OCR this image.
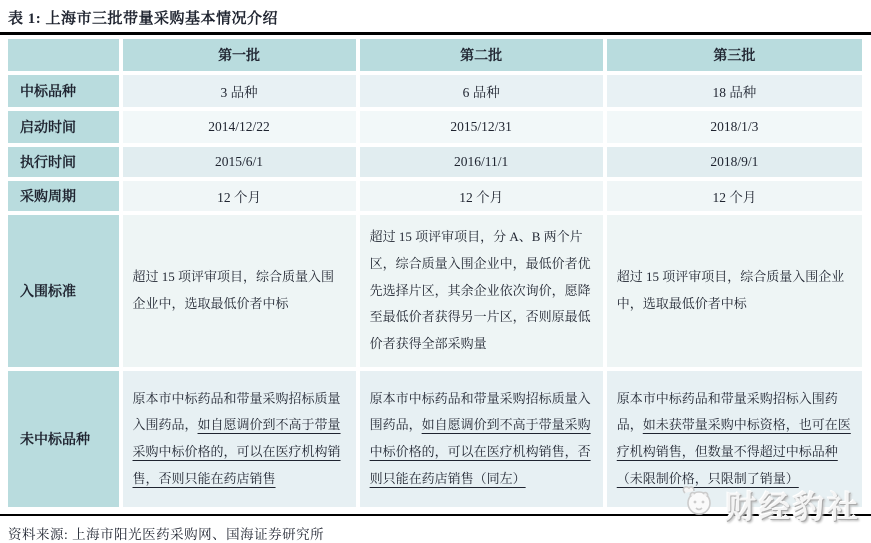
表 1: 上海市三批带量采购基本情况介绍
	第一批	第二批	第三批
中标品种	3 品种	6 品种	18 品种
启动时间	2014/12/22	2015/12/31	2018/1/3
执行时间	2015/6/1	2016/11/1	2018/9/1
采购周期	12 个月	12 个月	12 个月
入围标准	超过 15 项评审项目，综合质量入围企业中，选取最低价者中标	超过 15 项评审项目，分 A、B 两个片区，综合质量入围企业中，最低价者优先选择片区，其余企业依次询价，愿降至最低价者获得另一片区，否则原最低价者获得全部采购量	超过 15 项评审项目，综合质量入围企业中，选取最低价者中标
未中标品种	原本市中标药品和带量采购招标质量入围药品，如自愿调价到不高于带量采购中标价格的，可以在医疗机构销售，否则只能在药店销售	原本市中标药品和带量采购招标质量入围药品，如自愿调价到不高于带量采购中标价格的，可以在医疗机构销售，否则只能在药店销售（同左）	原本市中标药品和带量采购招标入围药品，如未获带量采购中标资格，也可在医疗机构销售，但数量不得超过中标品种（未限制价格，只限制了销量）
资料来源: 上海市阳光医药采购网、国海证券研究所
财经豹社
